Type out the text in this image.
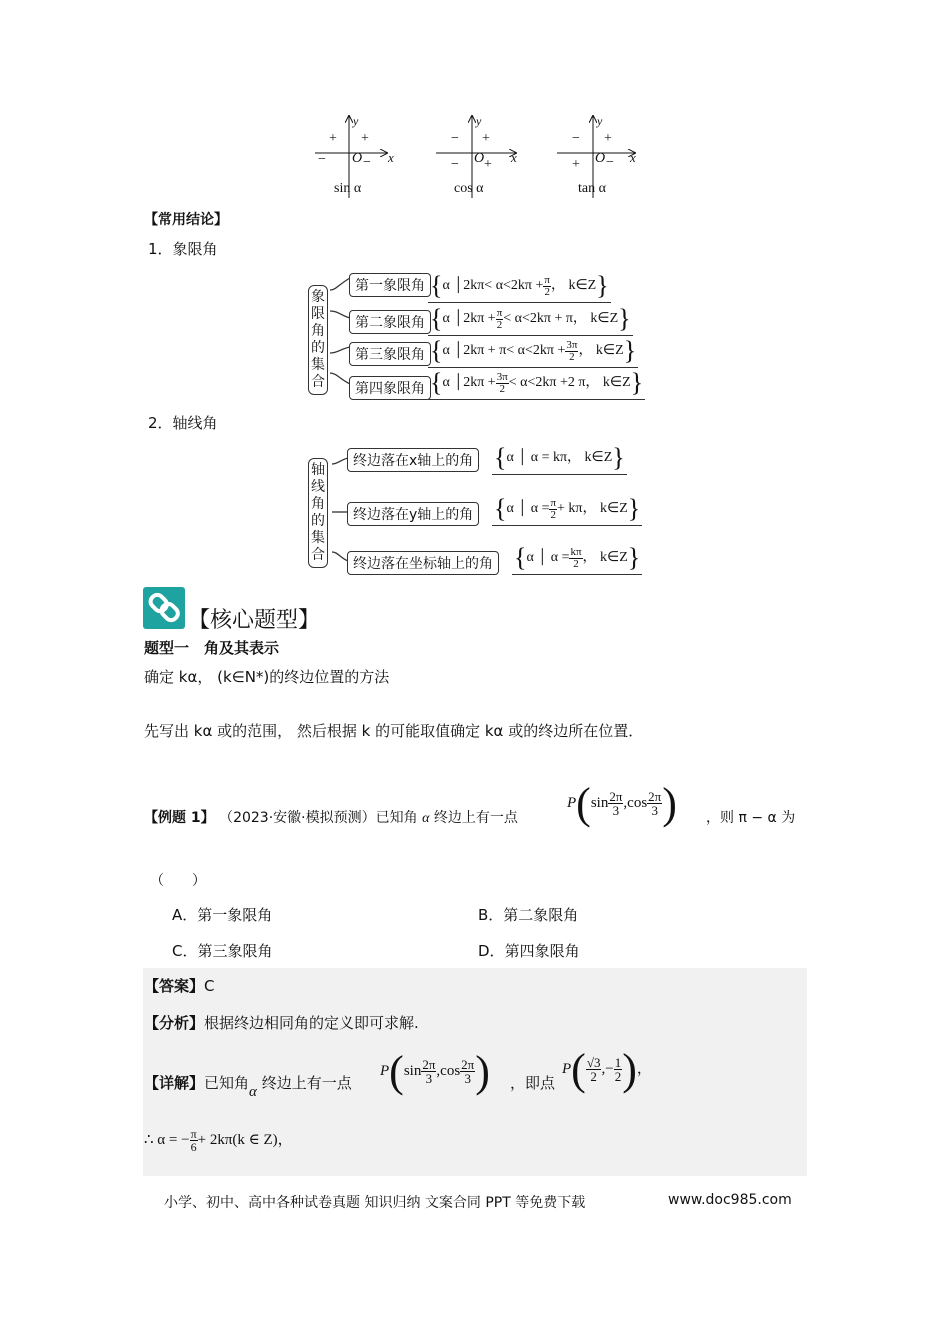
y
+ +
− O − x
sin α
y
− +
− O + x
cos α
y
− +
+ O − x
tan α
【常用结论】
1．象限角
象
限
角
的
集
合
第一象限角 {α │2kπ< $\alpha<2k\pi + \frac{\pi}{2}$ ， k∈Z}
第二象限角 {α │2kπ + $\frac{\pi}{2} < \alpha<2k\pi + \pi$， k∈Z}
第三象限角 {α │2kπ + $\pi< \alpha<2k\pi + \frac{3\pi}{2}$ ， k∈Z}
第四象限角 {α │2kπ + $\frac{3\pi}{2} < \alpha<2k\pi +2$ π， k∈Z}
2．轴线角
轴
线
角
的
集
合
终边落在x轴上的角 {α │ α = kπ， k∈Z}
终边落在y轴上的角 {α │ $\alpha = \frac{\pi}{2} + k\pi$， k∈Z}
终边落在坐标轴上的角 {α │ $\alpha = \frac{k\pi}{2}$ ， k∈Z}
【核心题型】
题型一　角及其表示
确定 kα， (k∈N*)的终边位置的方法
先写出 kα 或的范围， 然后根据 k 的可能取值确定 kα 或的终边所在位置．
【例题 1】 （2023·安徽·模拟预测）已知角 α 终边上有一点
$P(\sin \frac{2\pi}{3} ,\cos \frac{2\pi}{3}$ ) ，则 π − α 为
（　　）
A．第一象限角	B．第二象限角
C．第三象限角	D．第四象限角
【答案】C
【分析】根据终边相同角的定义即可求解.
【详解】已知角α 终边上有一点
$P(\sin \frac{2\pi}{3} ,\cos \frac{2\pi}{3}$ ) ，即点
$P( \frac{√3}{2}$ ,− $\frac{1}{2}$ )，
∴ α = − $\frac{\pi}{6} + 2k\pi(k$ ∈ Z)，
小学、初中、高中各种试卷真题 知识归纳 文案合同 PPT 等免费下载	www.doc985.com
